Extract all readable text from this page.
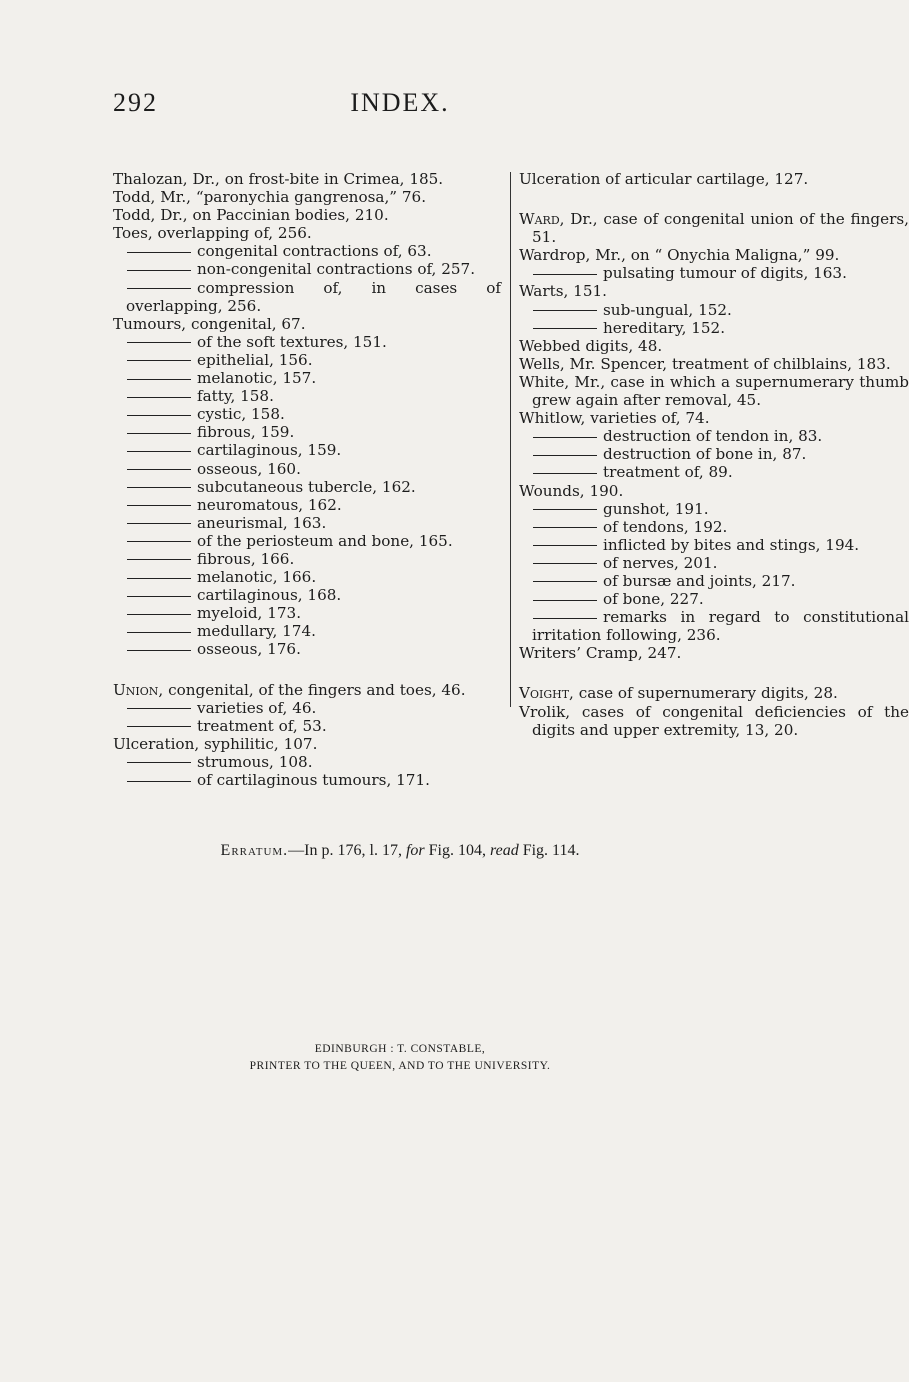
292	INDEX.

Thalozan, Dr., on frost-bite in Crimea, 185.

Todd, Mr., “paronychia gangrenosa,” 76.

Todd, Dr., on Paccinian bodies, 210.

Toes, overlapping of, 256.

congenital contractions of, 63.

non-congenital contractions of, 257.

compression of, in cases of overlapping, 256.

Tumours, congenital, 67.

of the soft textures, 151.

epithelial, 156.

melanotic, 157.

fatty, 158.

cystic, 158.

fibrous, 159.

cartilaginous, 159.

osseous, 160.

subcutaneous tubercle, 162.

neuromatous, 162.

aneurismal, 163.

of the periosteum and bone, 165.

fibrous, 166.

melanotic, 166.

cartilaginous, 168.

myeloid, 173.

medullary, 174.

osseous, 176.

Union, congenital, of the fingers and toes, 46.

varieties of, 46.

treatment of, 53.

Ulceration, syphilitic, 107.

strumous, 108.

of cartilaginous tumours, 171.

Ulceration of articular cartilage, 127.

Ward, Dr., case of congenital union of the fingers, 51.

Wardrop, Mr., on “ Onychia Maligna,” 99.

pulsating tumour of digits, 163.

Warts, 151.

sub-ungual, 152.

hereditary, 152.

Webbed digits, 48.

Wells, Mr. Spencer, treatment of chilblains, 183.

White, Mr., case in which a supernumerary thumb grew again after removal, 45.

Whitlow, varieties of, 74.

destruction of tendon in, 83.

destruction of bone in, 87.

treatment of, 89.

Wounds, 190.

gunshot, 191.

of tendons, 192.

inflicted by bites and stings, 194.

of nerves, 201.

of bursæ and joints, 217.

of bone, 227.

remarks in regard to constitutional irritation following, 236.

Writers’ Cramp, 247.

Voight, case of supernumerary digits, 28.

Vrolik, cases of congenital deficiencies of the digits and upper extremity, 13, 20.

Erratum.—In p. 176, l. 17, for Fig. 104, read Fig. 114.
EDINBURGH : T. CONSTABLE,
PRINTER TO THE QUEEN, AND TO THE UNIVERSITY.
